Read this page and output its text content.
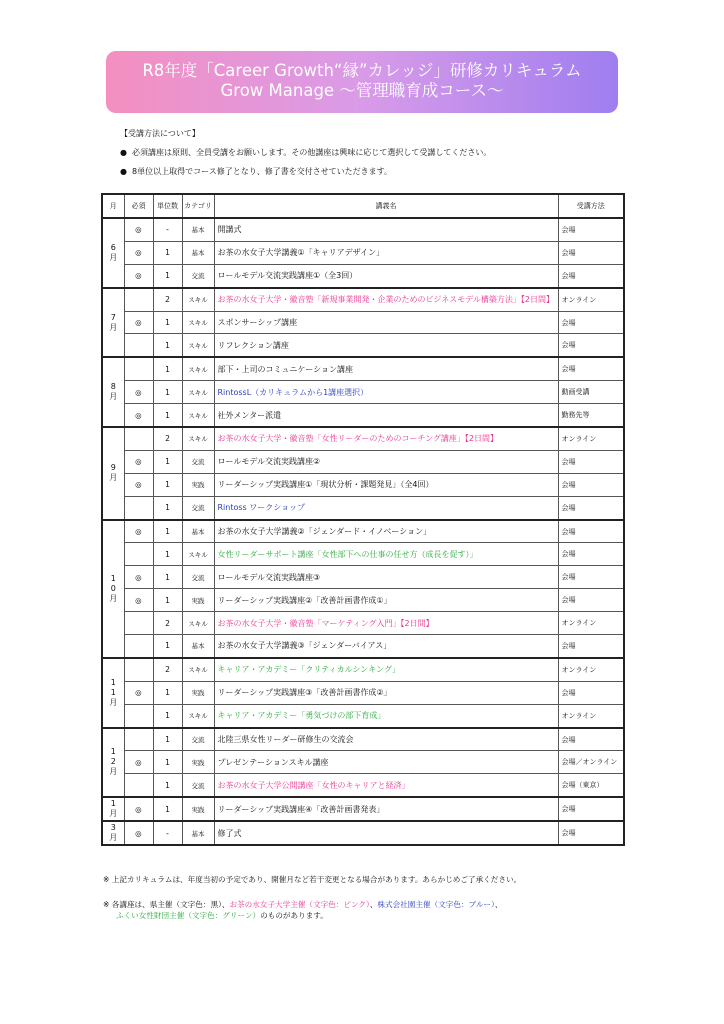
R8年度「Career Growth“縁”カレッジ」研修カリキュラム
Grow Manage ～管理職育成コース～
【受講方法について】
● 必須講座は原則、全員受講をお願いします。その他講座は興味に応じて選択して受講してください。
● 8単位以上取得でコース修了となり、修了書を交付させていただきます。
月	必須	単位数	カテゴリ	講義名	受講方法
6月	◎	-	基本	開講式	会場
	◎	1	基本	お茶の水女子大学講義①「キャリアデザイン」	会場
	◎	1	交流	ロールモデル交流実践講座①（全3回）	会場
7月		2	スキル	お茶の水女子大学・徽音塾「新規事業開発・企業のためのビジネスモデル構築方法」【2日間】	オンライン
	◎	1	スキル	スポンサーシップ講座	会場
		1	スキル	リフレクション講座	会場
8月		1	スキル	部下・上司のコミュニケーション講座	会場
	◎	1	スキル	RintossL（カリキュラムから1講座選択）	動画受講
	◎	1	スキル	社外メンター派遣	勤務先等
9月		2	スキル	お茶の水女子大学・徽音塾「女性リーダーのためのコーチング講座」【2日間】	オンライン
	◎	1	交流	ロールモデル交流実践講座②	会場
	◎	1	実践	リーダーシップ実践講座①「現状分析・課題発見」（全4回）	会場
		1	交流	Rintoss ワークショップ	会場
10月	◎	1	基本	お茶の水女子大学講義②「ジェンダード・イノベーション」	会場
		1	スキル	女性リーダーサポート講座「女性部下への仕事の任せ方（成長を促す）」	会場
	◎	1	交流	ロールモデル交流実践講座③	会場
	◎	1	実践	リーダーシップ実践講座②「改善計画書作成①」	会場
		2	スキル	お茶の水女子大学・徽音塾「マーケティング入門」【2日間】	オンライン
		1	基本	お茶の水女子大学講義③「ジェンダーバイアス」	会場
11月		2	スキル	キャリア・アカデミー「クリティカルシンキング」	オンライン
	◎	1	実践	リーダーシップ実践講座③「改善計画書作成②」	会場
		1	スキル	キャリア・アカデミー「勇気づけの部下育成」	オンライン
12月		1	交流	北陸三県女性リーダー研修生の交流会	会場
	◎	1	実践	プレゼンテーションスキル講座	会場／オンライン
		1	交流	お茶の水女子大学公開講座「女性のキャリアと経済」	会場（東京）
1月	◎	1	実践	リーダーシップ実践講座④「改善計画書発表」	会場
3月	◎	-	基本	修了式	会場
※ 上記カリキュラムは、年度当初の予定であり、開催月など若干変更となる場合があります。あらかじめご了承ください。
※ 各講座は、県主催（文字色：黒）、お茶の水女子大学主催（文字色：ピンク）、株式会社園主催（文字色：ブルー）、
ふくい女性財団主催（文字色：グリーン）のものがあります。
